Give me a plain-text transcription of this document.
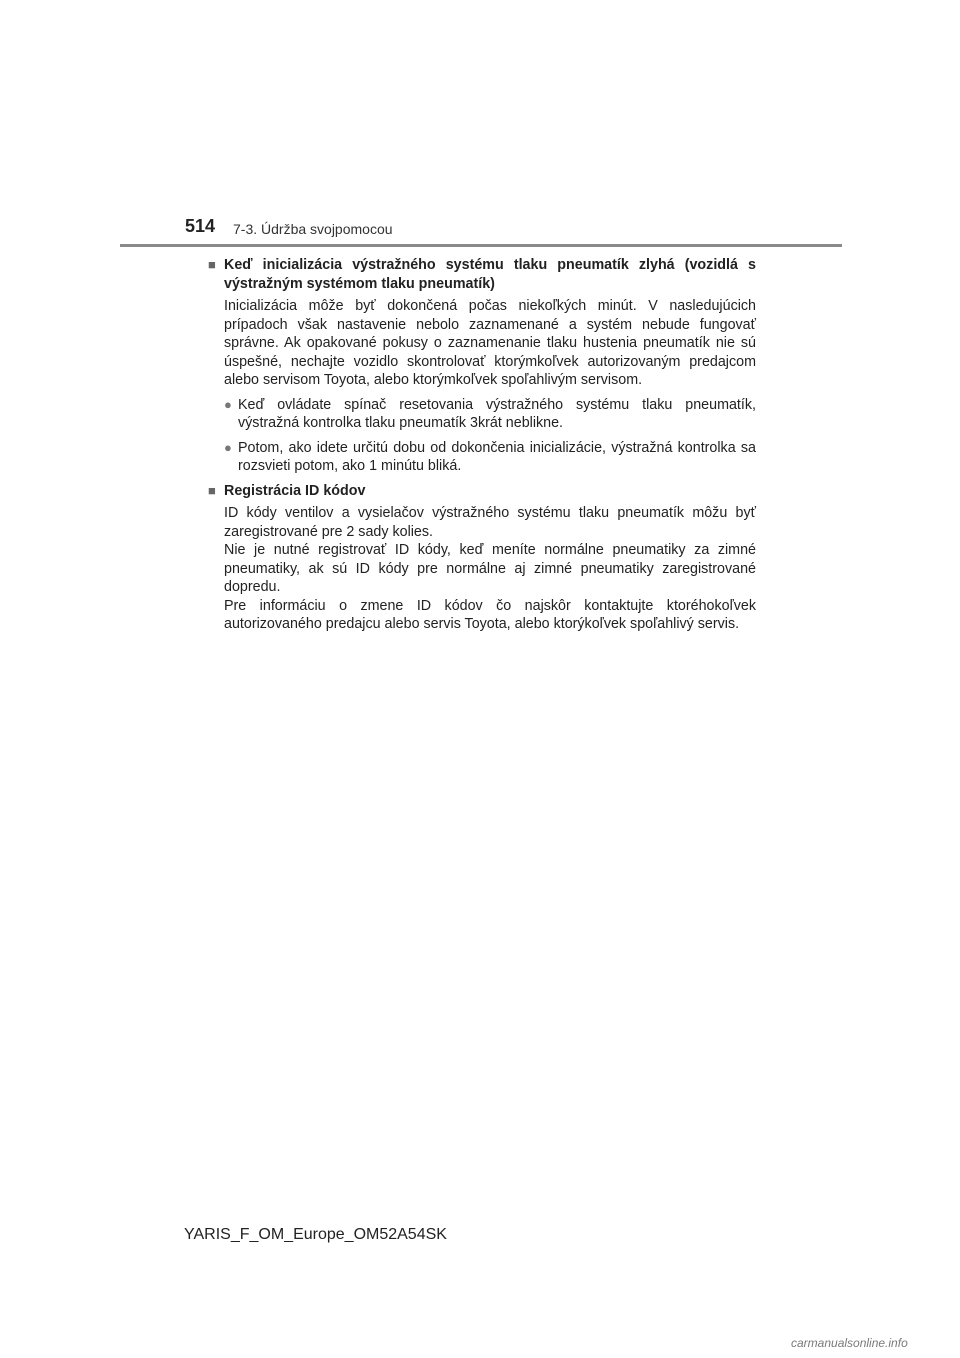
514 7-3. Údržba svojpomocou
■ Keď inicializácia výstražného systému tlaku pneumatík zlyhá (vozidlá s výstražným systémom tlaku pneumatík)
Inicializácia môže byť dokončená počas niekoľkých minút. V nasledujúcich prípadoch však nastavenie nebolo zaznamenané a systém nebude fungovať správne. Ak opakované pokusy o zaznamenanie tlaku hustenia pneumatík nie sú úspešné, nechajte vozidlo skontrolovať ktorýmkoľvek autorizovaným predajcom alebo servisom Toyota, alebo ktorýmkoľvek spoľahlivým servisom.
● Keď ovládate spínač resetovania výstražného systému tlaku pneumatík, výstražná kontrolka tlaku pneumatík 3krát neblikne.
● Potom, ako idete určitú dobu od dokončenia inicializácie, výstražná kontrolka sa rozsvieti potom, ako 1 minútu bliká.
■ Registrácia ID kódov
ID kódy ventilov a vysielačov výstražného systému tlaku pneumatík môžu byť zaregistrované pre 2 sady kolies.
Nie je nutné registrovať ID kódy, keď meníte normálne pneumatiky za zimné pneumatiky, ak sú ID kódy pre normálne aj zimné pneumatiky zaregistrované dopredu.
Pre informáciu o zmene ID kódov čo najskôr kontaktujte ktoréhokoľvek autorizovaného predajcu alebo servis Toyota, alebo ktorýkoľvek spoľahlivý servis.
YARIS_F_OM_Europe_OM52A54SK
carmanualsonline.info
